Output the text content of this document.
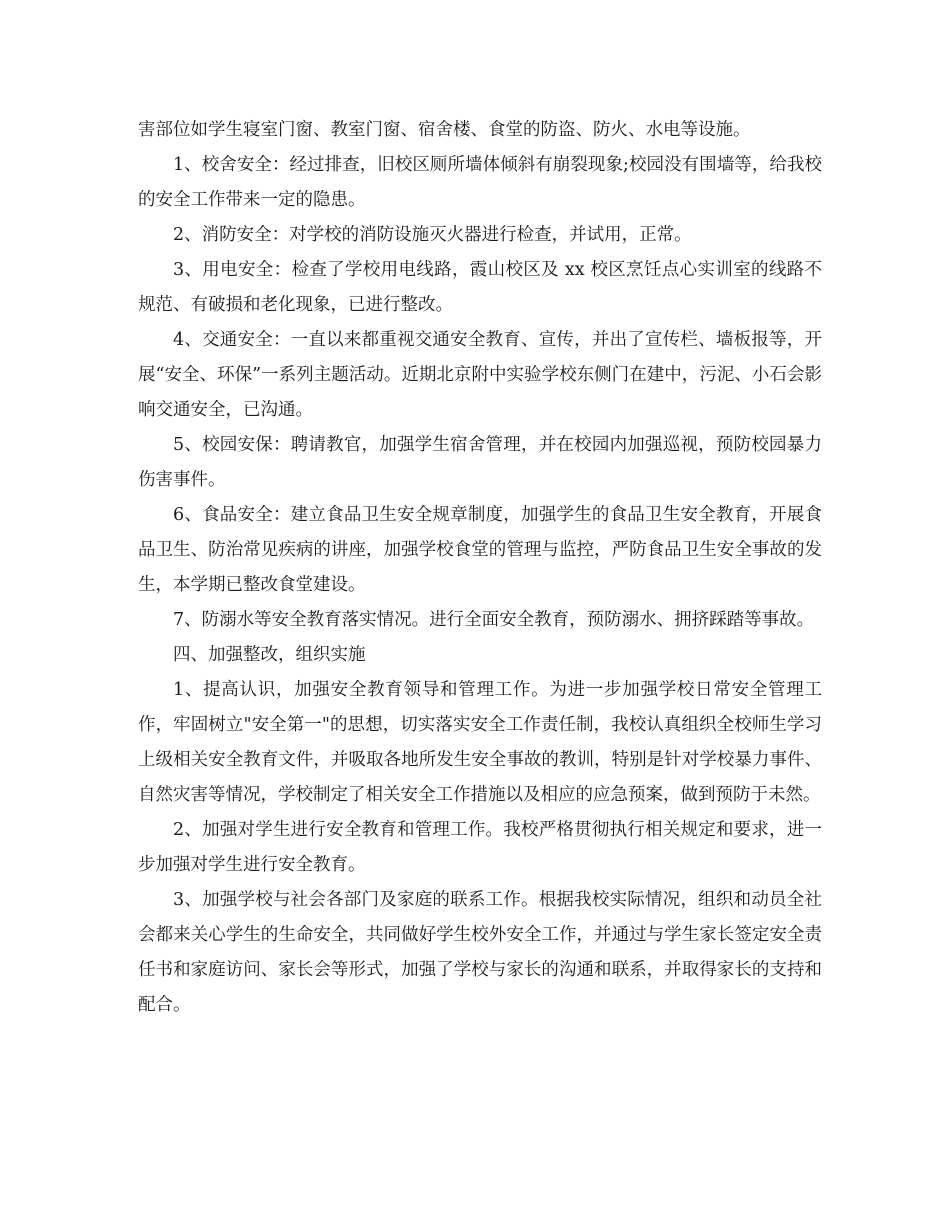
害部位如学生寝室门窗、教室门窗、宿舍楼、食堂的防盗、防火、水电等设施。

1、校舍安全：经过排查，旧校区厕所墙体倾斜有崩裂现象;校园没有围墙等，给我校的安全工作带来一定的隐患。

2、消防安全：对学校的消防设施灭火器进行检查，并试用，正常。

3、用电安全：检查了学校用电线路，霞山校区及 xx 校区烹饪点心实训室的线路不规范、有破损和老化现象，已进行整改。

4、交通安全：一直以来都重视交通安全教育、宣传，并出了宣传栏、墙板报等，开展“安全、环保”一系列主题活动。近期北京附中实验学校东侧门在建中，污泥、小石会影响交通安全，已沟通。

5、校园安保：聘请教官，加强学生宿舍管理，并在校园内加强巡视，预防校园暴力伤害事件。

6、食品安全：建立食品卫生安全规章制度，加强学生的食品卫生安全教育，开展食品卫生、防治常见疾病的讲座，加强学校食堂的管理与监控，严防食品卫生安全事故的发生，本学期已整改食堂建设。

7、防溺水等安全教育落实情况。进行全面安全教育，预防溺水、拥挤踩踏等事故。

四、加强整改，组织实施

1、提高认识，加强安全教育领导和管理工作。为进一步加强学校日常安全管理工作，牢固树立"安全第一"的思想，切实落实安全工作责任制，我校认真组织全校师生学习上级相关安全教育文件，并吸取各地所发生安全事故的教训，特别是针对学校暴力事件、自然灾害等情况，学校制定了相关安全工作措施以及相应的应急预案，做到预防于未然。

2、加强对学生进行安全教育和管理工作。我校严格贯彻执行相关规定和要求，进一步加强对学生进行安全教育。

3、加强学校与社会各部门及家庭的联系工作。根据我校实际情况，组织和动员全社会都来关心学生的生命安全，共同做好学生校外安全工作，并通过与学生家长签定安全责任书和家庭访问、家长会等形式，加强了学校与家长的沟通和联系，并取得家长的支持和配合。
